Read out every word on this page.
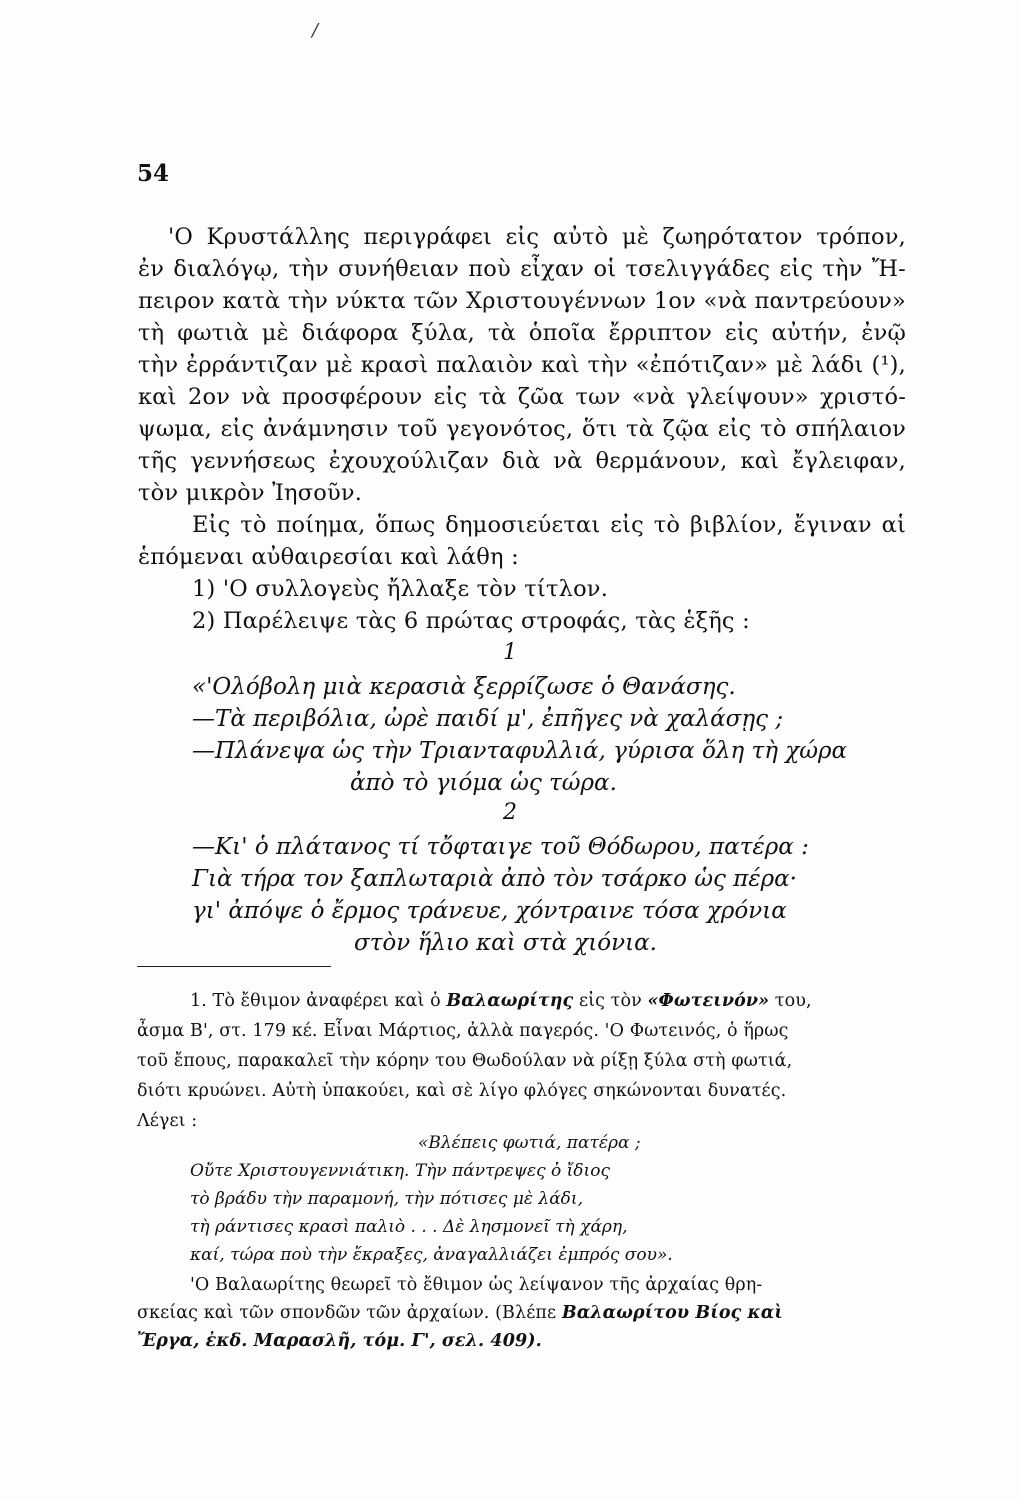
/
54
'Ο Κρυστάλλης περιγράφει εἰς αὐτὸ μὲ ζωηρότατον τρόπον,
ἐν διαλόγῳ, τὴν συνήθειαν ποὺ εἶχαν οἱ τσελιγγάδες εἰς τὴν Ἤ-
πειρον κατὰ τὴν νύκτα τῶν Χριστουγέννων 1ον «νὰ παντρεύουν»
τὴ φωτιὰ μὲ διάφορα ξύλα, τὰ ὁποῖα ἔρριπτον εἰς αὐτήν, ἐνῷ
τὴν ἐρράντιζαν μὲ κρασὶ παλαιὸν καὶ τὴν «ἐπότιζαν» μὲ λάδι (¹),
καὶ 2ον νὰ προσφέρουν εἰς τὰ ζῶα των «νὰ γλείψουν» χριστό-
ψωμα, εἰς ἀνάμνησιν τοῦ γεγονότος, ὅτι τὰ ζῷα εἰς τὸ σπήλαιον
τῆς γεννήσεως ἐχουχούλιζαν διὰ νὰ θερμάνουν, καὶ ἔγλειφαν,
τὸν μικρὸν Ἰησοῦν.
Εἰς τὸ ποίημα, ὅπως δημοσιεύεται εἰς τὸ βιβλίον, ἔγιναν αἱ
ἑπόμεναι αὐθαιρεσίαι καὶ λάθη :
1) 'Ο συλλογεὺς ἤλλαξε τὸν τίτλον.
2) Παρέλειψε τὰς 6 πρώτας στροφάς, τὰς ἑξῆς :
1
«'Ολόβολη μιὰ κερασιὰ ξερρίζωσε ὁ Θανάσης.
—Τὰ περιβόλια, ὠρὲ παιδί μ', ἐπῆγες νὰ χαλάσῃς ;
—Πλάνεψα ὡς τὴν Τριανταφυλλιά, γύρισα ὅλη τὴ χώρα
ἀπὸ τὸ γιόμα ὡς τώρα.
2
—Κι' ὁ πλάτανος τί τὄφταιγε τοῦ Θόδωρου, πατέρα :
Γιὰ τήρα τον ξαπλωταριὰ ἀπὸ τὸν τσάρκο ὡς πέρα·
γι' ἀπόψε ὁ ἔρμος τράνευε, χόντραινε τόσα χρόνια
στὸν ἥλιο καὶ στὰ χιόνια.
1. Τὸ ἔθιμον ἀναφέρει καὶ ὁ Βαλαωρίτης εἰς τὸν «Φωτεινόν» του,
ἆσμα Β', στ. 179 κέ. Εἶναι Μάρτιος, ἀλλὰ παγερός. 'Ο Φωτεινός, ὁ ἥρως
τοῦ ἔπους, παρακαλεῖ τὴν κόρην του Θωδούλαν νὰ ρίξῃ ξύλα στὴ φωτιά,
διότι κρυώνει. Αὐτὴ ὑπακούει, καὶ σὲ λίγο φλόγες σηκώνονται δυνατές.
Λέγει :
«Βλέπεις φωτιά, πατέρα ;
Οὔτε Χριστουγεννιάτικη. Τὴν πάντρεψες ὁ ἴδιος
τὸ βράδυ τὴν παραμονή, τὴν πότισες μὲ λάδι,
τὴ ράντισες κρασὶ παλιὸ . . . Δὲ λησμονεῖ τὴ χάρη,
καί, τώρα ποὺ τὴν ἔκραξες, ἀναγαλλιάζει ἐμπρός σου».
'Ο Βαλαωρίτης θεωρεῖ τὸ ἔθιμον ὡς λείψανον τῆς ἀρχαίας θρη-
σκείας καὶ τῶν σπονδῶν τῶν ἀρχαίων. (Βλέπε Βαλαωρίτου Βίος καὶ
Ἔργα, ἐκδ. Μαρασλῆ, τόμ. Γ', σελ. 409).
